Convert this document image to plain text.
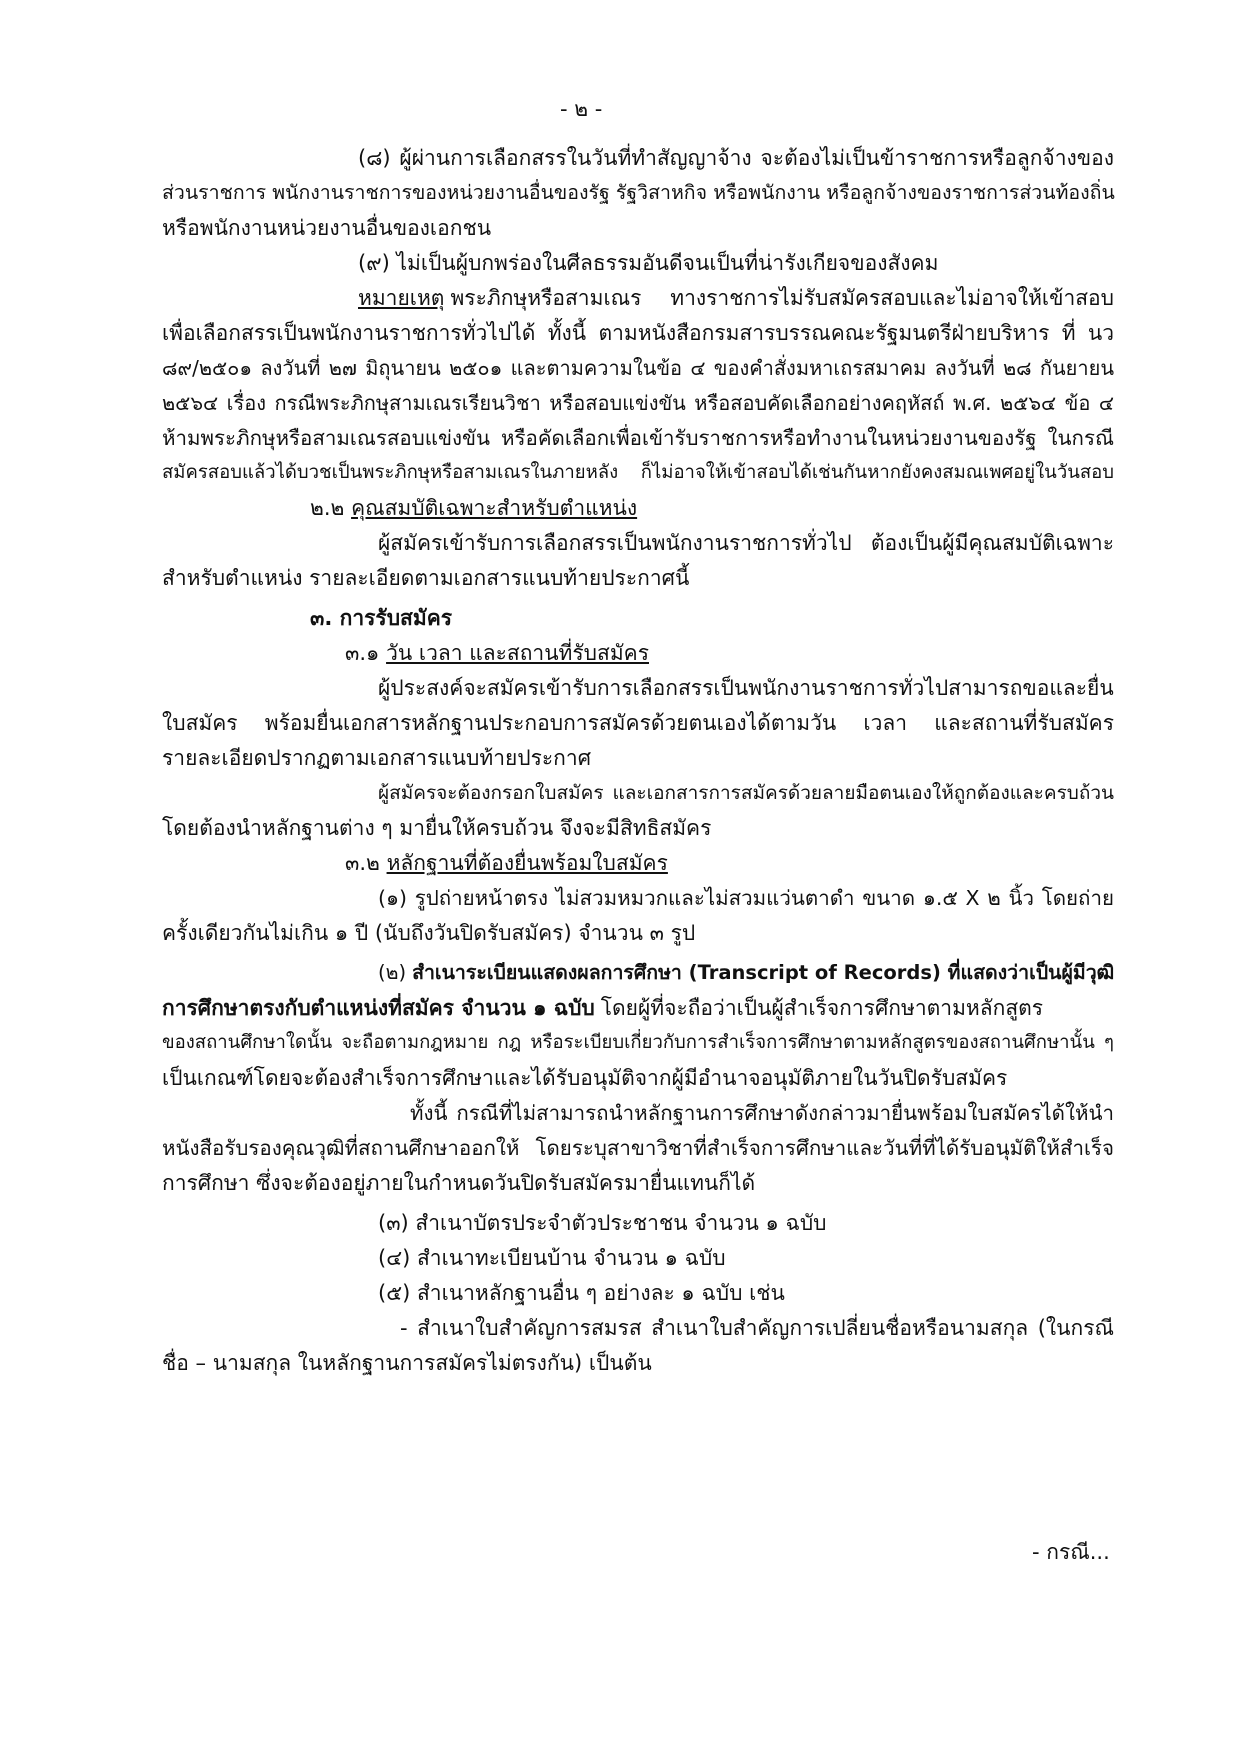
- ๒ -
(๘) ผู้ผ่านการเลือกสรรในวันที่ทำสัญญาจ้าง จะต้องไม่เป็นข้าราชการหรือลูกจ้างของ
ส่วนราชการ พนักงานราชการของหน่วยงานอื่นของรัฐ รัฐวิสาหกิจ หรือพนักงาน หรือลูกจ้างของราชการส่วนท้องถิ่น
หรือพนักงานหน่วยงานอื่นของเอกชน
(๙) ไม่เป็นผู้บกพร่องในศีลธรรมอันดีจนเป็นที่น่ารังเกียจของสังคม
หมายเหตุ พระภิกษุหรือสามเณร ทางราชการไม่รับสมัครสอบและไม่อาจให้เข้าสอบ
เพื่อเลือกสรรเป็นพนักงานราชการทั่วไปได้ ทั้งนี้ ตามหนังสือกรมสารบรรณคณะรัฐมนตรีฝ่ายบริหาร ที่ นว
๘๙/๒๕๐๑ ลงวันที่ ๒๗ มิถุนายน ๒๕๐๑ และตามความในข้อ ๔ ของคำสั่งมหาเถรสมาคม ลงวันที่ ๒๘ กันยายน
๒๕๖๔ เรื่อง กรณีพระภิกษุสามเณรเรียนวิชา หรือสอบแข่งขัน หรือสอบคัดเลือกอย่างคฤหัสถ์ พ.ศ. ๒๕๖๔ ข้อ ๔
ห้ามพระภิกษุหรือสามเณรสอบแข่งขัน หรือคัดเลือกเพื่อเข้ารับราชการหรือทำงานในหน่วยงานของรัฐ ในกรณี
สมัครสอบแล้วได้บวชเป็นพระภิกษุหรือสามเณรในภายหลัง ก็ไม่อาจให้เข้าสอบได้เช่นกันหากยังคงสมณเพศอยู่ในวันสอบ
๒.๒ คุณสมบัติเฉพาะสำหรับตำแหน่ง
ผู้สมัครเข้ารับการเลือกสรรเป็นพนักงานราชการทั่วไป ต้องเป็นผู้มีคุณสมบัติเฉพาะ
สำหรับตำแหน่ง รายละเอียดตามเอกสารแนบท้ายประกาศนี้
๓. การรับสมัคร
๓.๑ วัน เวลา และสถานที่รับสมัคร
ผู้ประสงค์จะสมัครเข้ารับการเลือกสรรเป็นพนักงานราชการทั่วไปสามารถขอและยื่น
ใบสมัคร พร้อมยื่นเอกสารหลักฐานประกอบการสมัครด้วยตนเองได้ตามวัน เวลา และสถานที่รับสมัคร
รายละเอียดปรากฏตามเอกสารแนบท้ายประกาศ
ผู้สมัครจะต้องกรอกใบสมัคร และเอกสารการสมัครด้วยลายมือตนเองให้ถูกต้องและครบถ้วน
โดยต้องนำหลักฐานต่าง ๆ มายื่นให้ครบถ้วน จึงจะมีสิทธิสมัคร
๓.๒ หลักฐานที่ต้องยื่นพร้อมใบสมัคร
(๑) รูปถ่ายหน้าตรง ไม่สวมหมวกและไม่สวมแว่นตาดำ ขนาด ๑.๕ X ๒ นิ้ว โดยถ่าย
ครั้งเดียวกันไม่เกิน ๑ ปี (นับถึงวันปิดรับสมัคร) จำนวน ๓ รูป
(๒) สำเนาระเบียนแสดงผลการศึกษา (Transcript of Records) ที่แสดงว่าเป็นผู้มีวุฒิ
การศึกษาตรงกับตำแหน่งที่สมัคร จำนวน ๑ ฉบับ โดยผู้ที่จะถือว่าเป็นผู้สำเร็จการศึกษาตามหลักสูตร
ของสถานศึกษาใดนั้น จะถือตามกฎหมาย กฎ หรือระเบียบเกี่ยวกับการสำเร็จการศึกษาตามหลักสูตรของสถานศึกษานั้น ๆ
เป็นเกณฑ์โดยจะต้องสำเร็จการศึกษาและได้รับอนุมัติจากผู้มีอำนาจอนุมัติภายในวันปิดรับสมัคร
ทั้งนี้ กรณีที่ไม่สามารถนำหลักฐานการศึกษาดังกล่าวมายื่นพร้อมใบสมัครได้ให้นำ
หนังสือรับรองคุณวุฒิที่สถานศึกษาออกให้ โดยระบุสาขาวิชาที่สำเร็จการศึกษาและวันที่ที่ได้รับอนุมัติให้สำเร็จ
การศึกษา ซึ่งจะต้องอยู่ภายในกำหนดวันปิดรับสมัครมายื่นแทนก็ได้
(๓) สำเนาบัตรประจำตัวประชาชน จำนวน ๑ ฉบับ
(๔) สำเนาทะเบียนบ้าน จำนวน ๑ ฉบับ
(๕) สำเนาหลักฐานอื่น ๆ อย่างละ ๑ ฉบับ เช่น
- สำเนาใบสำคัญการสมรส สำเนาใบสำคัญการเปลี่ยนชื่อหรือนามสกุล (ในกรณี
ชื่อ – นามสกุล ในหลักฐานการสมัครไม่ตรงกัน) เป็นต้น
- กรณี...
